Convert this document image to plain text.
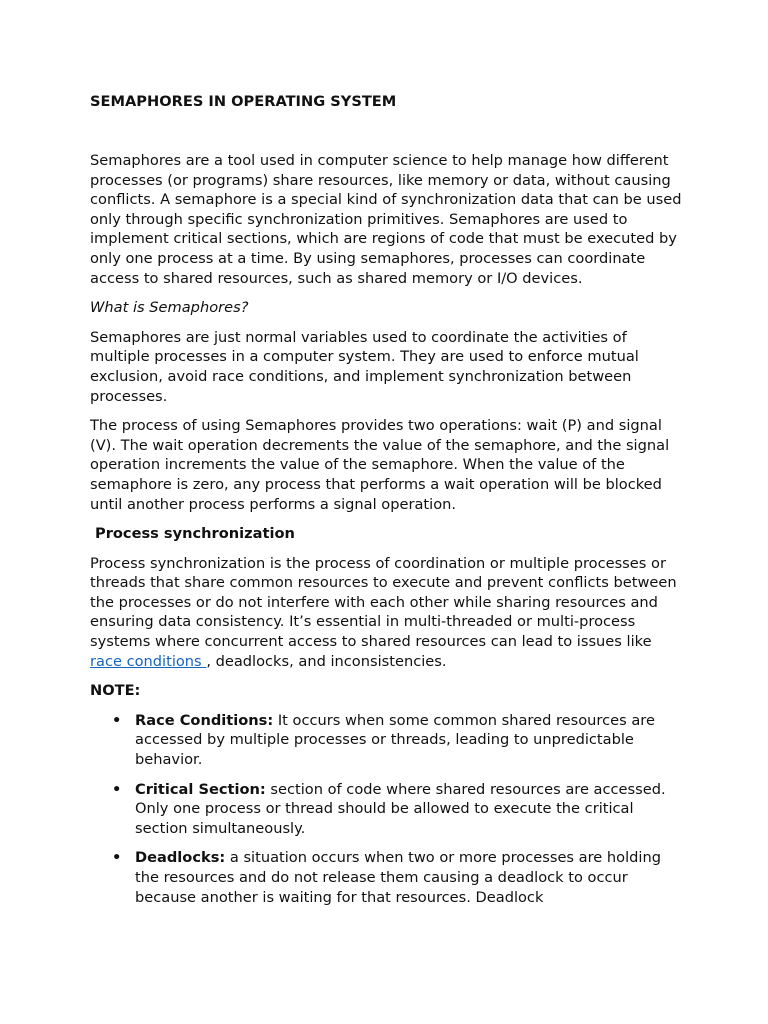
SEMAPHORES IN OPERATING SYSTEM

Semaphores are a tool used in computer science to help manage how different processes (or programs) share resources, like memory or data, without causing conflicts. A semaphore is a special kind of synchronization data that can be used only through specific synchronization primitives. Semaphores are used to implement critical sections, which are regions of code that must be executed by only one process at a time. By using semaphores, processes can coordinate access to shared resources, such as shared memory or I/O devices.

What is Semaphores?

Semaphores are just normal variables used to coordinate the activities of multiple processes in a computer system. They are used to enforce mutual exclusion, avoid race conditions, and implement synchronization between processes.

The process of using Semaphores provides two operations: wait (P) and signal (V). The wait operation decrements the value of the semaphore, and the signal operation increments the value of the semaphore. When the value of the semaphore is zero, any process that performs a wait operation will be blocked until another process performs a signal operation.

Process synchronization

Process synchronization is the process of coordination or multiple processes or threads that share common resources to execute and prevent conflicts between the processes or do not interfere with each other while sharing resources and ensuring data consistency. It’s essential in multi-threaded or multi-process systems where concurrent access to shared resources can lead to issues like race conditions , deadlocks, and inconsistencies.

NOTE:

• Race Conditions: It occurs when some common shared resources are accessed by multiple processes or threads, leading to unpredictable behavior.
• Critical Section: section of code where shared resources are accessed. Only one process or thread should be allowed to execute the critical section simultaneously.
• Deadlocks: a situation occurs when two or more processes are holding the resources and do not release them causing a deadlock to occur because another is waiting for that resources. Deadlock
